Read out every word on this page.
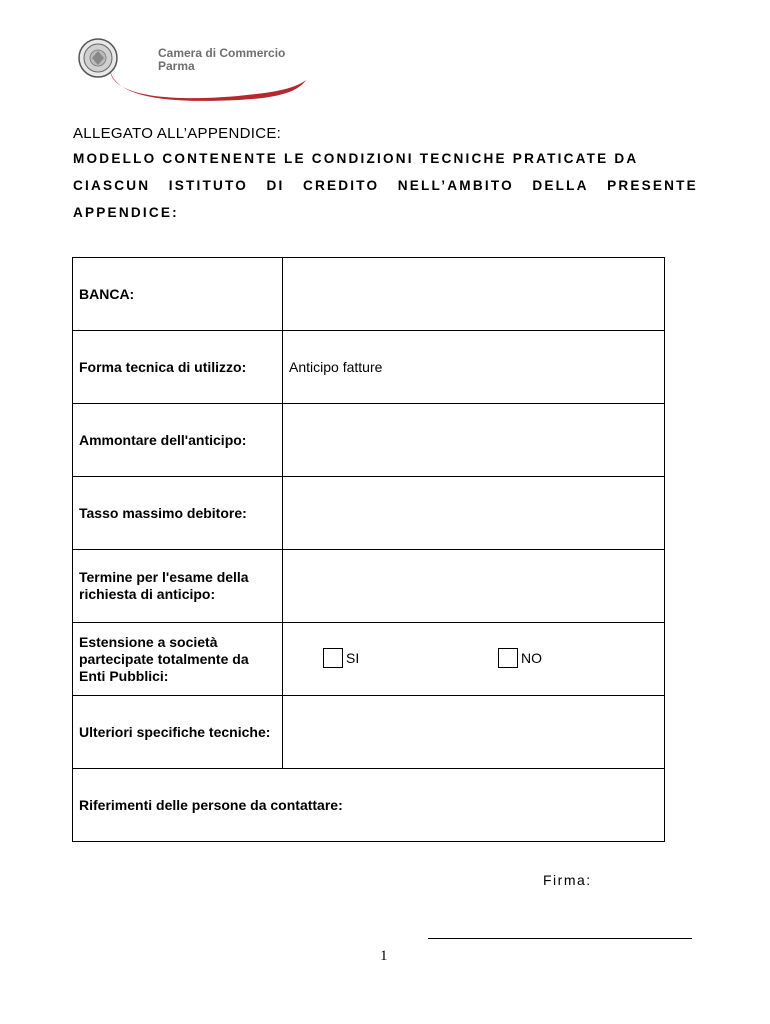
Camera di Commercio
Parma
ALLEGATO ALL’APPENDICE:
MODELLO CONTENENTE LE CONDIZIONI TECNICHE PRATICATE DA
CIASCUN ISTITUTO DI CREDITO NELL’AMBITO DELLA PRESENTE
APPENDICE:
BANCA:	
Forma tecnica di utilizzo:	Anticipo fatture
Ammontare dell'anticipo:	
Tasso massimo debitore:	
Termine per l'esame della richiesta di anticipo:	
Estensione a società partecipate totalmente da Enti Pubblici:	SI NO

Ulteriori specifiche tecniche:	
Riferimenti delle persone da contattare:	
Firma:
1
